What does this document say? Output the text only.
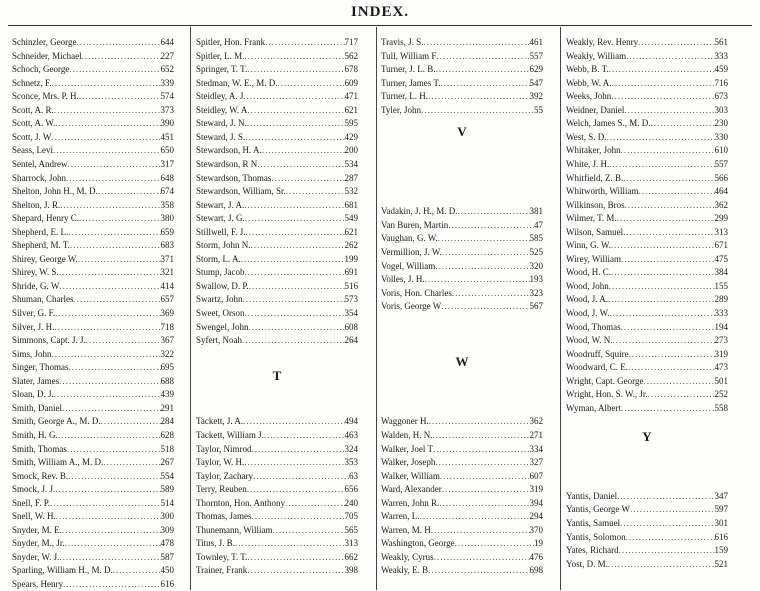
INDEX.
Schinzler, George .....	644
Schneider, Michael .....	227
Schoch, George .....	652
Schnetz, F. .....	339
Sconce, Mrs. P. H. .....	574
Scott, A. R. .....	373
Scott, A. W. .....	390
Scott, J. W .....	451
Seass, Levi .....	650
Sentel, Andrew .....	317
Sharrock, John .....	648
Shelton, John H., M. D. .....	674
Shelton, J. R. .....	358
Shepard, Henry C. .....	380
Shepherd, E. L. .....	659
Shepherd, M. T. .....	683
Shirey, George W. .....	371
Shirey, W. S. .....	321
Shride, G. W .....	414
Shuman, Charles .....	657
Silver, G. F. .....	369
Silver, J. H. .....	718
Simmons, Capt. J. J. .....	367
Sims, John .....	322
Singer, Thomas .....	695
Slater, James .....	688
Sloan, D. J. .....	439
Smith, Daniel .....	291
Smith, George A., M. D. .....	284
Smith, H. G. .....	628
Smith, Thomas .....	518
Smith, William A., M. D. .....	267
Smock, Rev. B. .....	554
Smock, J. J. .....	589
Snell, F. P. .....	514
Snell, W. H. .....	300
Snyder, M. E. .....	309
Snyder, M., Jr. .....	478
Snyder, W. J. .....	587
Sparling, William H., M. D. .....	450
Spears, Henry .....	616
Spitler, Hon. Frank .....	717
Spitler, L. M. .....	562
Springer, T. T. .....	678
Stedman, W. E., M. D. .....	609
Steidley, A. J .....	471
Steidley, W. A .....	621
Steward, J. N. .....	595
Steward, J. S. .....	429
Stewardson, H. A. .....	200
Stewardson, R N .....	534
Stewardson, Thomas .....	287
Stewardson, William, Sr. .....	532
Stewart, J. A. .....	681
Stewart, J. G. .....	549
Stillwell, F. J. .....	621
Storm, John N. .....	262
Storm, L. A. .....	199
Stump, Jacob .....	691
Swallow, D. P. .....	516
Swartz, John .....	573
Sweet, Orson .....	354
Swengel, John .....	608
Syfert, Noah .....	264
T
Tackett, J. A. .....	494
Tackett, William J. .....	463
Taylor, Nimrod .....	324
Taylor, W. H. .....	353
Taylor, Zachary .....	63
Terry, Reuben .....	656
Thornton, Hon. Anthony .....	240
Thomas, James .....	705
Thunemann, William .....	565
Titus, J. B. .....	313
Townley, T. T. .....	662
Trainer, Frank .....	398
Travis, J. S. .....	461
Tull, William F .....	557
Turner, J. L. B. .....	629
Turner, James T. .....	547
Turner, L. H. .....	392
Tyler, John .....	55
V
Vadakin, J. H., M. D. .....	381
Van Buren, Martin .....	47
Vaughan, G. W. .....	585
Vermillion, J. W. .....	525
Vogel, William .....	320
Volles, J. H. .....	193
Voris, Hon. Charles .....	323
Voris, George W .....	567
W
Waggoner H. .....	362
Walden, H. N. .....	271
Walker, Joel T .....	334
Walker, Joseph .....	327
Walker, William .....	607
Ward, Alexander .....	319
Warren, John R. .....	394
Warren, L. .....	294
Warren, M. H .....	370
Washington, George .....	19
Weakly, Cyrus .....	476
Weakly, E. B .....	698
Weakly, Rev. Henry .....	561
Weakly, William .....	333
Webb, B. T. .....	459
Webb, W. A. .....	716
Weeks, John .....	673
Weidner, Daniel .....	303
Welch, James S., M. D. .....	230
West, S. D. .....	330
Whitaker, John .....	610
White, J. H. .....	557
Whitfield, Z. B. .....	566
Whitworth, William .....	464
Wilkinson, Bros .....	362
Wilmer, T. M. .....	299
Wilson, Samuel .....	313
Winn, G. W. .....	671
Wirey, William .....	475
Wood, H. C. .....	384
Wood, John .....	155
Wood, J. A. .....	289
Wood, J. W. .....	333
Wood, Thomas .....	194
Wood, W. N. .....	273
Woodruff, Squire .....	319
Woodward, C. E. .....	473
Wright, Capt. George .....	501
Wright, Hon. S. W., Jr. .....	252
Wyman, Albert .....	558
Y
Yantis, Daniel .....	347
Yantis, George W .....	597
Yantis, Samuel .....	301
Yantis, Solomon .....	616
Yates, Richard .....	159
Yost, D. M. .....	521
